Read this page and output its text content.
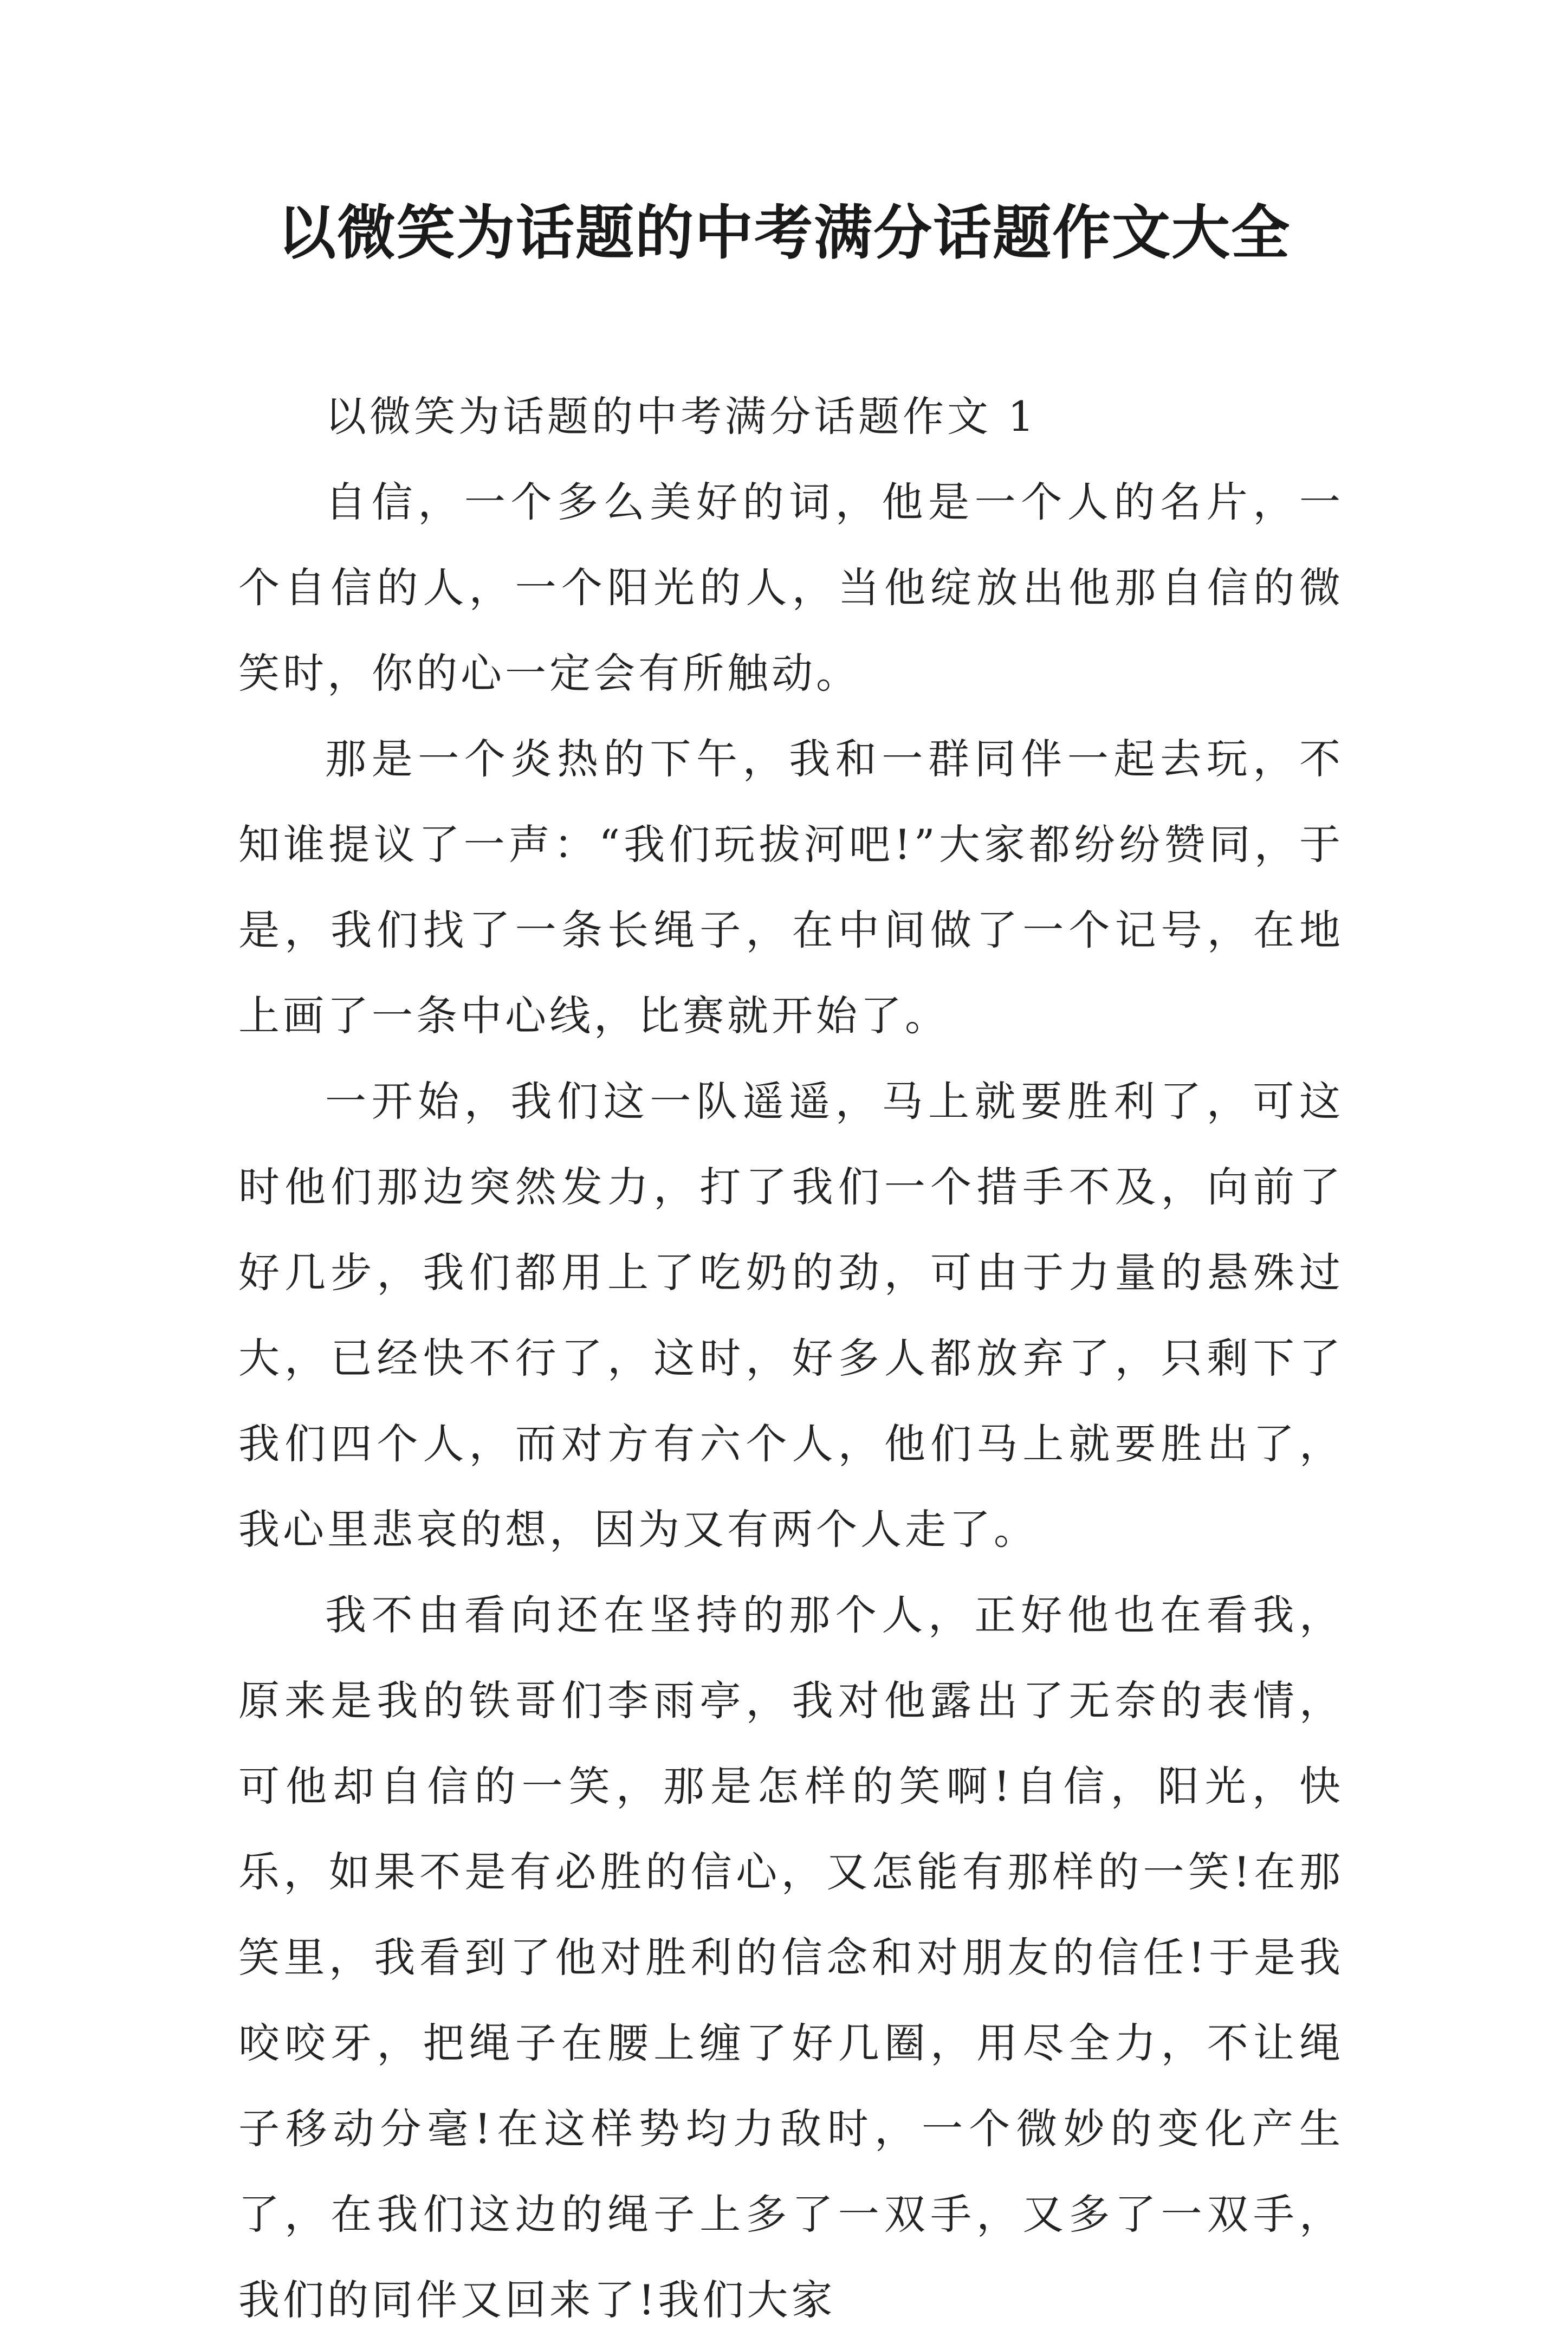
以微笑为话题的中考满分话题作文大全

以微笑为话题的中考满分话题作文 1

自信，一个多么美好的词，他是一个人的名片，一个自信的人，一个阳光的人，当他绽放出他那自信的微笑时，你的心一定会有所触动。

那是一个炎热的下午，我和一群同伴一起去玩，不知谁提议了一声：“我们玩拔河吧!”大家都纷纷赞同，于是，我们找了一条长绳子，在中间做了一个记号，在地上画了一条中心线，比赛就开始了。

一开始，我们这一队遥遥，马上就要胜利了，可这时他们那边突然发力，打了我们一个措手不及，向前了好几步，我们都用上了吃奶的劲，可由于力量的悬殊过大，已经快不行了，这时，好多人都放弃了，只剩下了我们四个人，而对方有六个人，他们马上就要胜出了，我心里悲哀的想，因为又有两个人走了。

我不由看向还在坚持的那个人，正好他也在看我，原来是我的铁哥们李雨亭，我对他露出了无奈的表情，可他却自信的一笑，那是怎样的笑啊!自信，阳光，快乐，如果不是有必胜的信心，又怎能有那样的一笑!在那笑里，我看到了他对胜利的信念和对朋友的信任!于是我咬咬牙，把绳子在腰上缠了好几圈，用尽全力，不让绳子移动分毫!在这样势均力敌时，一个微妙的变化产生了，在我们这边的绳子上多了一双手，又多了一双手，我们的同伴又回来了!我们大家
